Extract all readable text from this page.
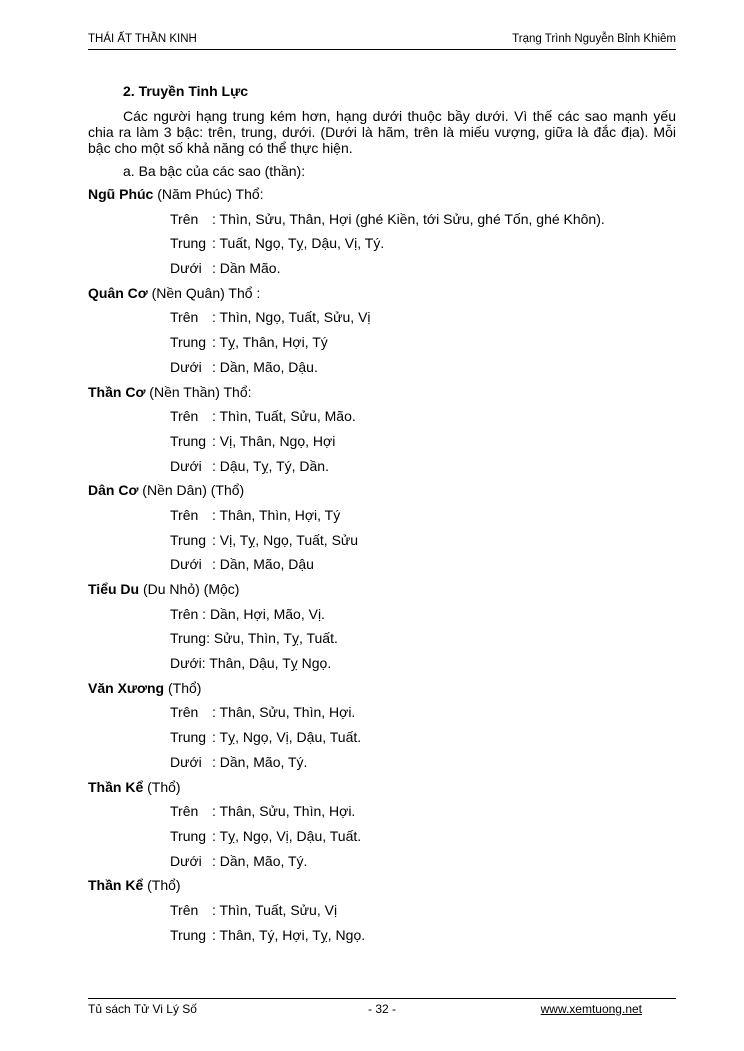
THÁI ẤT THẦN KINH	Trạng Trình Nguyễn Bỉnh Khiêm
2. Truyền Tinh Lực
Các người hạng trung kém hơn, hạng dưới thuộc bầy dưới. Vì thế các sao mạnh yếu chia ra làm 3 bậc: trên, trung, dưới. (Dưới là hãm, trên là miếu vượng, giữa là đắc địa). Mỗi bậc cho một số khả năng có thể thực hiện.
a. Ba bậc của các sao (thần):
Ngũ Phúc (Năm Phúc) Thổ:
Trên : Thìn, Sửu, Thân, Hợi (ghé Kiền, tới Sửu, ghé Tốn, ghé Khôn).
Trung : Tuất, Ngọ, Tỵ, Dậu, Vị, Tý.
Dưới : Dần Mão.
Quân Cơ (Nền Quân) Thổ :
Trên : Thìn, Ngọ, Tuất, Sửu, Vị
Trung : Tỵ, Thân, Hợi, Tý
Dưới : Dần, Mão, Dậu.
Thần Cơ (Nền Thần) Thổ:
Trên : Thìn, Tuất, Sửu, Mão.
Trung : Vị, Thân, Ngọ, Hợi
Dưới : Dậu, Tỵ, Tý, Dần.
Dân Cơ (Nền Dân) (Thổ)
Trên : Thân, Thìn, Hợi, Tý
Trung : Vị, Tỵ, Ngọ, Tuất, Sửu
Dưới : Dần, Mão, Dậu
Tiểu Du (Du Nhỏ) (Mộc)
Trên : Dần, Hợi, Mão, Vị.
Trung: Sửu, Thìn, Tỵ, Tuất.
Dưới: Thân, Dậu, Tỵ Ngọ.
Văn Xương (Thổ)
Trên : Thân, Sửu, Thìn, Hợi.
Trung : Tỵ, Ngọ, Vị, Dậu, Tuất.
Dưới : Dần, Mão, Tý.
Thần Kể (Thổ)
Trên : Thân, Sửu, Thìn, Hợi.
Trung : Tỵ, Ngọ, Vị, Dậu, Tuất.
Dưới : Dần, Mão, Tý.
Thần Kể (Thổ)
Trên : Thìn, Tuất, Sửu, Vị
Trung : Thân, Tý, Hợi, Tỵ, Ngọ.
Tủ sách Tử Vi Lý Số	- 32 -	www.xemtuong.net
